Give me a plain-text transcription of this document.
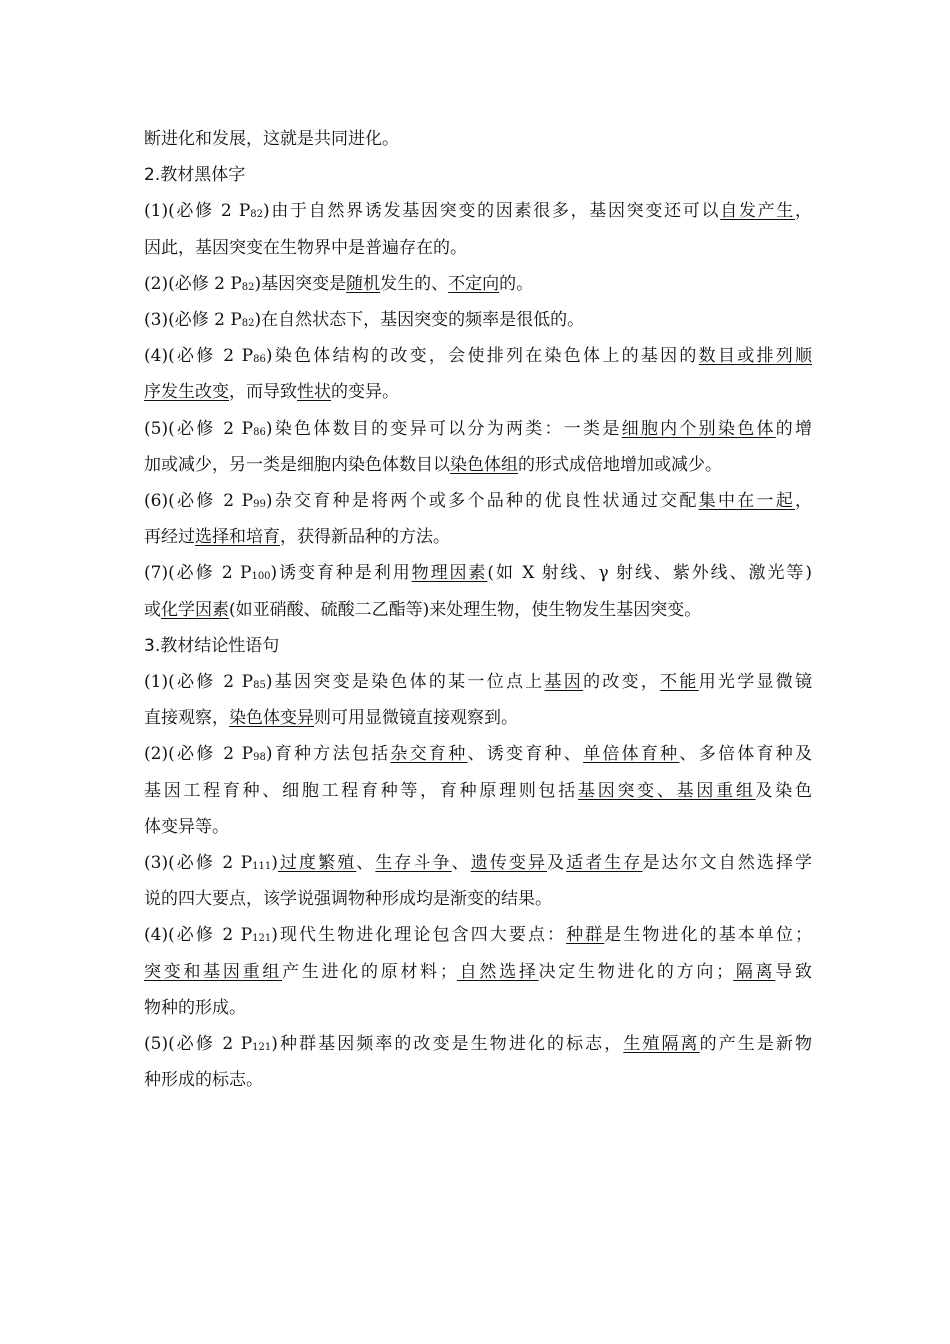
断进化和发展，这就是共同进化。
2.教材黑体字
(1)(必修 2 $P_{82}$)由于自然界诱发基因突变的因素很多，基因突变还可以自发产生，
因此，基因突变在生物界中是普遍存在的。
(2)(必修 2 $P_{82}$)基因突变是随机发生的、不定向的。
(3)(必修 2 $P_{82}$)在自然状态下，基因突变的频率是很低的。
(4)(必修 2 $P_{86}$)染色体结构的改变，会使排列在染色体上的基因的数目或排列顺
序发生改变，而导致性状的变异。
(5)(必修 2 $P_{86}$)染色体数目的变异可以分为两类：一类是细胞内个别染色体的增
加或减少，另一类是细胞内染色体数目以染色体组的形式成倍地增加或减少。
(6)(必修 2 $P_{99}$)杂交育种是将两个或多个品种的优良性状通过交配集中在一起，
再经过选择和培育，获得新品种的方法。
(7)(必修 2 $P_{100}$)诱变育种是利用物理因素(如 X 射线、γ 射线、紫外线、激光等)
或化学因素(如亚硝酸、硫酸二乙酯等)来处理生物，使生物发生基因突变。
3.教材结论性语句
(1)(必修 2 $P_{85}$)基因突变是染色体的某一位点上基因的改变，不能用光学显微镜
直接观察，染色体变异则可用显微镜直接观察到。
(2)(必修 2 $P_{98}$)育种方法包括杂交育种、诱变育种、单倍体育种、多倍体育种及
基因工程育种、细胞工程育种等，育种原理则包括基因突变、基因重组及染色
体变异等。
(3)(必修 2 $P_{111}$)过度繁殖、生存斗争、遗传变异及适者生存是达尔文自然选择学
说的四大要点，该学说强调物种形成均是渐变的结果。
(4)(必修 2 $P_{121}$)现代生物进化理论包含四大要点：种群是生物进化的基本单位；
突变和基因重组产生进化的原材料；自然选择决定生物进化的方向；隔离导致
物种的形成。
(5)(必修 2 $P_{121}$)种群基因频率的改变是生物进化的标志，生殖隔离的产生是新物
种形成的标志。
